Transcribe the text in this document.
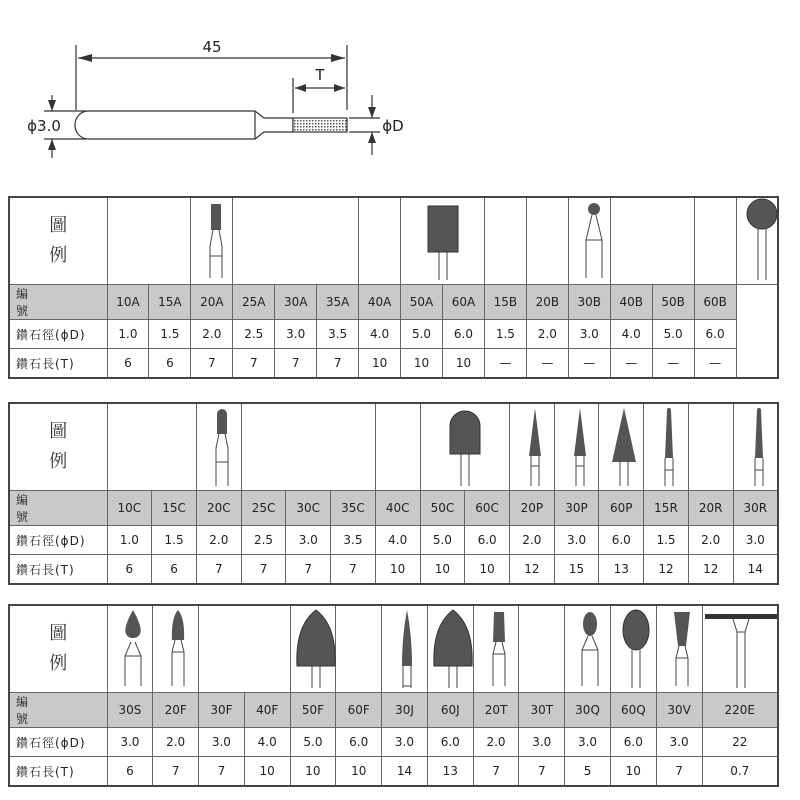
45
T
ϕ3.0	ϕD
圖
例

編　　號	10A	15A	20A	25A	30A	35A	40A	50A	60A	15B	20B	30B	40B	50B	60B	
鑽石徑(ϕD)	1.0	1.5	2.0	2.5	3.0	3.5	4.0	5.0	6.0	1.5	2.0	3.0	4.0	5.0	6.0	
鑽石長(T)	6	6	7	7	7	7	10	10	10	—	—	—	—	—	—	
圖
例

編　　號	10C	15C	20C	25C	30C	35C	40C	50C	60C	20P	30P	60P	15R	20R	30R
鑽石徑(ϕD)	1.0	1.5	2.0	2.5	3.0	3.5	4.0	5.0	6.0	2.0	3.0	6.0	1.5	2.0	3.0
鑽石長(T)	6	6	7	7	7	7	10	10	10	12	15	13	12	12	14
圖
例

編　　號	30S	20F	30F	40F	50F	60F	30J	60J	20T	30T	30Q	60Q	30V	220E
鑽石徑(ϕD)	3.0	2.0	3.0	4.0	5.0	6.0	3.0	6.0	2.0	3.0	3.0	6.0	3.0	22
鑽石長(T)	6	7	7	10	10	10	14	13	7	7	5	10	7	0.7
